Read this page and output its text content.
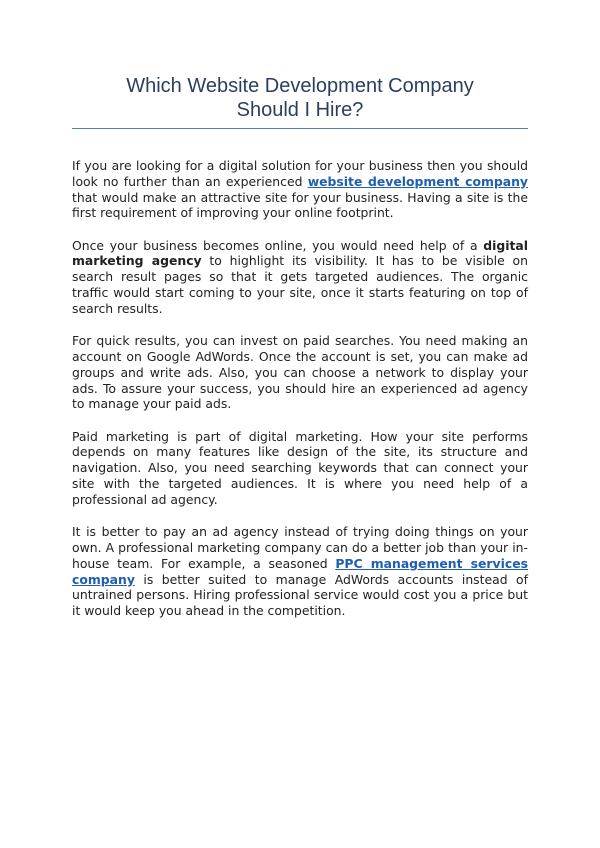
Which Website Development Company
Should I Hire?

If you are looking for a digital solution for your business then you should look no further than an experienced website development company that would make an attractive site for your business. Having a site is the first requirement of improving your online footprint.

Once your business becomes online, you would need help of a digital marketing agency to highlight its visibility. It has to be visible on search result pages so that it gets targeted audiences. The organic traffic would start coming to your site, once it starts featuring on top of search results.

For quick results, you can invest on paid searches. You need making an account on Google AdWords. Once the account is set, you can make ad groups and write ads. Also, you can choose a network to display your ads. To assure your success, you should hire an experienced ad agency to manage your paid ads.

Paid marketing is part of digital marketing. How your site performs depends on many features like design of the site, its structure and navigation. Also, you need searching keywords that can connect your site with the targeted audiences. It is where you need help of a professional ad agency.

It is better to pay an ad agency instead of trying doing things on your own. A professional marketing company can do a better job than your in-house team. For example, a seasoned PPC management services company is better suited to manage AdWords accounts instead of untrained persons. Hiring professional service would cost you a price but it would keep you ahead in the competition.
